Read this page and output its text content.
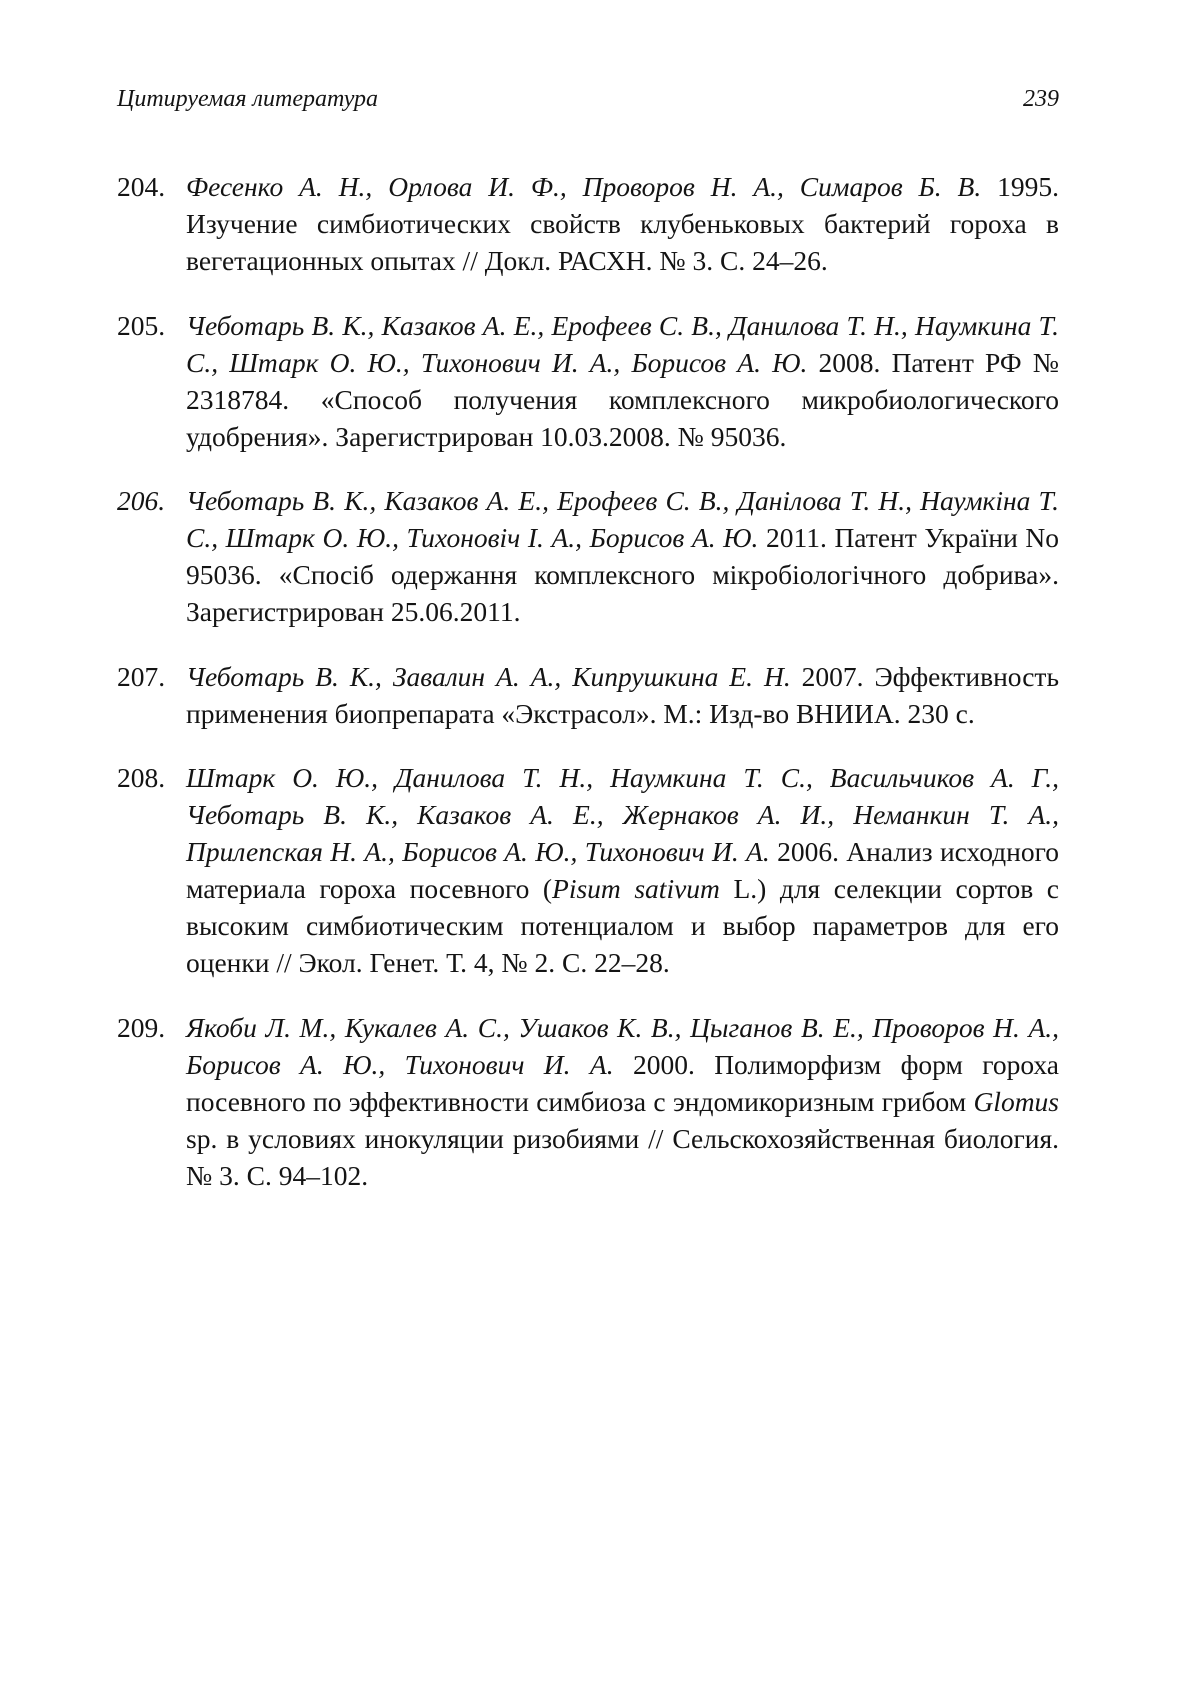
Цитируемая литература	239

204. Фесенко А. Н., Орлова И. Ф., Проворов Н. А., Симаров Б. В. 1995. Изучение симбиотических свойств клубеньковых бактерий гороха в вегетационных опытах // Докл. РАСХН. № 3. С. 24–26.

205. Чеботарь В. К., Казаков А. Е., Ерофеев С. В., Данилова Т. Н., Наумкина Т. С., Штарк О. Ю., Тихонович И. А., Борисов А. Ю. 2008. Патент РФ № 2318784. «Способ получения комплексного микробиологического удобрения». Зарегистрирован 10.03.2008. № 95036.

206. Чеботарь В. К., Казаков А. Е., Ерофеев С. В., Данілова Т. Н., Наумкіна Т. С., Штарк О. Ю., Тихоновіч І. А., Борисов А. Ю. 2011. Патент України No 95036. «Спосіб одержання комплексного мікробіологічного добрива». Зарегистрирован 25.06.2011.

207. Чеботарь В. К., Завалин А. А., Кипрушкина Е. Н. 2007. Эффективность применения биопрепарата «Экстрасол». М.: Изд-во ВНИИА. 230 с.

208. Штарк О. Ю., Данилова Т. Н., Наумкина Т. С., Васильчиков А. Г., Чеботарь В. К., Казаков А. Е., Жернаков А. И., Неманкин Т. А., Прилепская Н. А., Борисов А. Ю., Тихонович И. А. 2006. Анализ исходного материала гороха посевного (Pisum sativum L.) для селекции сортов с высоким симбиотическим потенциалом и выбор параметров для его оценки // Экол. Генет. Т. 4, № 2. С. 22–28.

209. Якоби Л. М., Кукалев А. С., Ушаков К. В., Цыганов В. Е., Проворов Н. А., Борисов А. Ю., Тихонович И. А. 2000. Полиморфизм форм гороха посевного по эффективности симбиоза с эндомикоризным грибом Glomus sp. в условиях инокуляции ризобиями // Сельскохозяйственная биология. № 3. С. 94–102.
